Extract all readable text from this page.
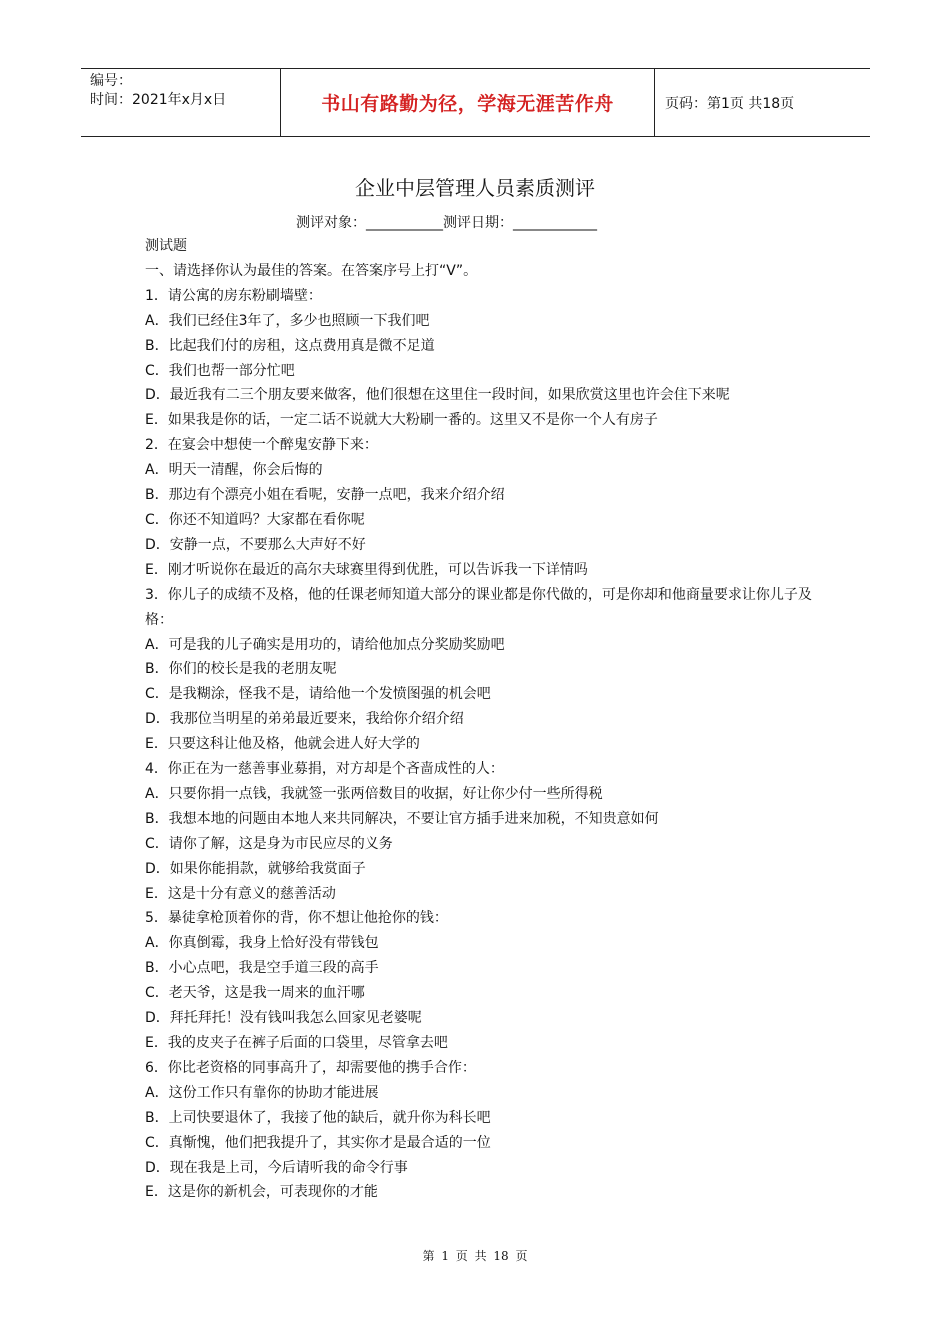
编号：
时间：2021年x月x日	书山有路勤为径，学海无涯苦作舟	页码：第1页 共18页
企业中层管理人员素质测评
测评对象：___________测评日期：____________
测试题
一、请选择你认为最佳的答案。在答案序号上打“V”。
1．请公寓的房东粉刷墙壁：
A．我们已经住3年了，多少也照顾一下我们吧
B．比起我们付的房租，这点费用真是微不足道
C．我们也帮一部分忙吧
D．最近我有二三个朋友要来做客，他们很想在这里住一段时间，如果欣赏这里也许会住下来呢
E．如果我是你的话，一定二话不说就大大粉刷一番的。这里又不是你一个人有房子
2．在宴会中想使一个醉鬼安静下来：
A．明天一清醒，你会后悔的
B．那边有个漂亮小姐在看呢，安静一点吧，我来介绍介绍
C．你还不知道吗？大家都在看你呢
D．安静一点，不要那么大声好不好
E．刚才听说你在最近的高尔夫球赛里得到优胜，可以告诉我一下详情吗
3．你儿子的成绩不及格，他的任课老师知道大部分的课业都是你代做的，可是你却和他商量要求让你儿子及格：
A．可是我的儿子确实是用功的，请给他加点分奖励奖励吧
B．你们的校长是我的老朋友呢
C．是我糊涂，怪我不是，请给他一个发愤图强的机会吧
D．我那位当明星的弟弟最近要来，我给你介绍介绍
E．只要这科让他及格，他就会进人好大学的
4．你正在为一慈善事业募捐，对方却是个吝啬成性的人：
A．只要你捐一点钱，我就签一张两倍数目的收据，好让你少付一些所得税
B．我想本地的问题由本地人来共同解决，不要让官方插手进来加税，不知贵意如何
C．请你了解，这是身为市民应尽的义务
D．如果你能捐款，就够给我赏面子
E．这是十分有意义的慈善活动
5．暴徒拿枪顶着你的背，你不想让他抢你的钱：
A．你真倒霉，我身上恰好没有带钱包
B．小心点吧，我是空手道三段的高手
C．老天爷，这是我一周来的血汗哪
D．拜托拜托！没有钱叫我怎么回家见老婆呢
E．我的皮夹子在裤子后面的口袋里，尽管拿去吧
6．你比老资格的同事高升了，却需要他的携手合作：
A．这份工作只有靠你的协助才能进展
B．上司快要退休了，我接了他的缺后，就升你为科长吧
C．真惭愧，他们把我提升了，其实你才是最合适的一位
D．现在我是上司，今后请听我的命令行事
E．这是你的新机会，可表现你的才能
第 1 页 共 18 页
